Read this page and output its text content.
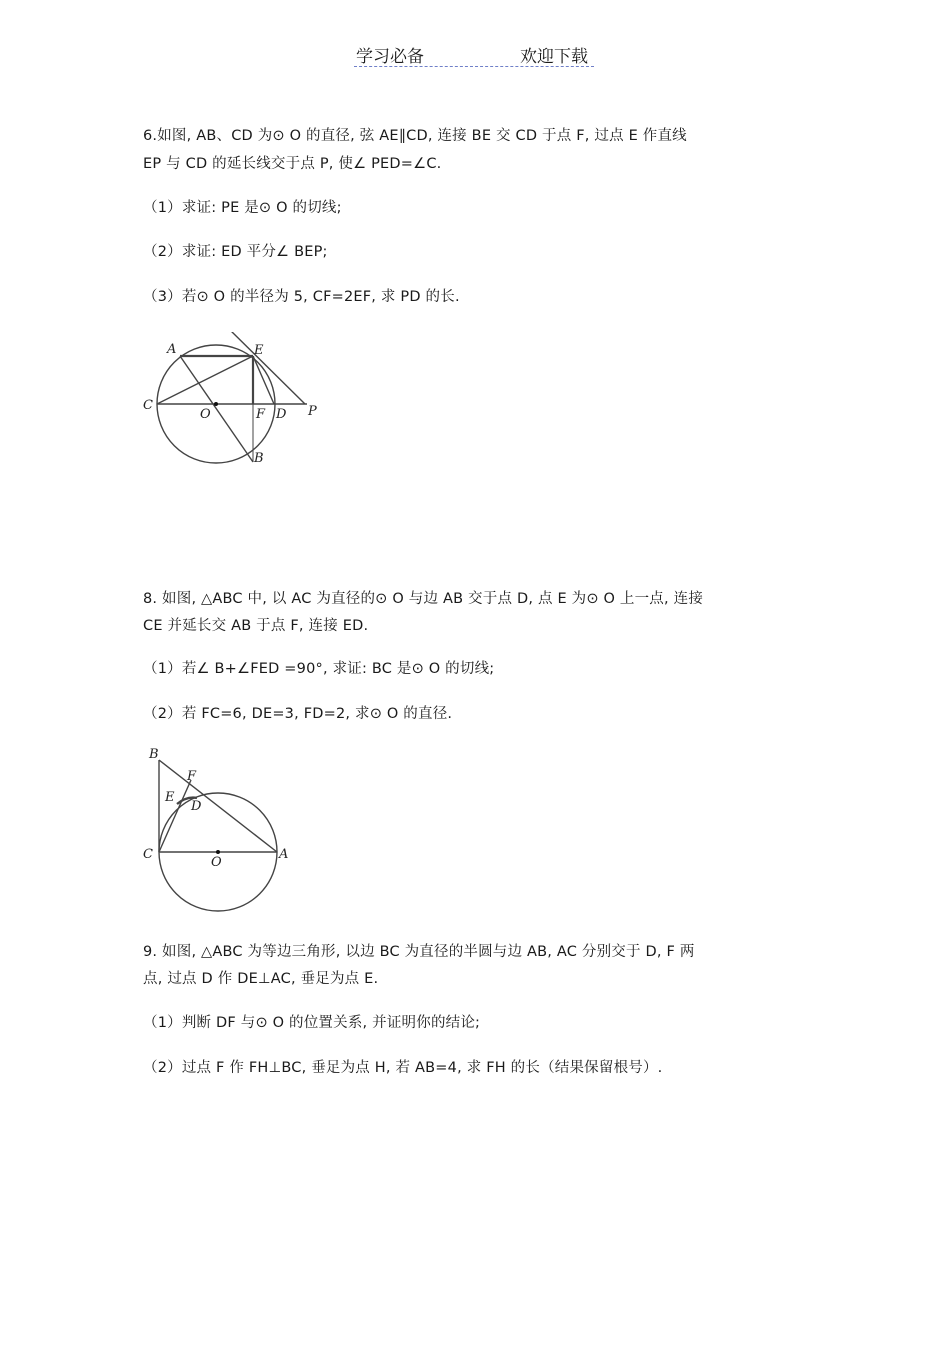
学习必备	欢迎下载
6.如图, AB、CD 为⊙ O 的直径, 弦 AE∥CD, 连接 BE 交 CD 于点 F, 过点 E 作直线
EP 与 CD 的延长线交于点 P, 使∠ PED=∠C.
（1）求证: PE 是⊙ O 的切线;
（2）求证: ED 平分∠ BEP;
（3）若⊙ O 的半径为 5, CF=2EF, 求 PD 的长.
A	E
C
O	F D P
B
8. 如图, △ABC 中, 以 AC 为直径的⊙ O 与边 AB 交于点 D, 点 E 为⊙ O 上一点, 连接
CE 并延长交 AB 于点 F, 连接 ED.
（1）若∠ B+∠FED =90°, 求证: BC 是⊙ O 的切线;
（2）若 FC=6, DE=3, FD=2, 求⊙ O 的直径.
B
F
E
D
C
O
A
9. 如图, △ABC 为等边三角形, 以边 BC 为直径的半圆与边 AB, AC 分别交于 D, F 两
点, 过点 D 作 DE⊥AC, 垂足为点 E.
（1）判断 DF 与⊙ O 的位置关系, 并证明你的结论;
（2）过点 F 作 FH⊥BC, 垂足为点 H, 若 AB=4, 求 FH 的长（结果保留根号）.
